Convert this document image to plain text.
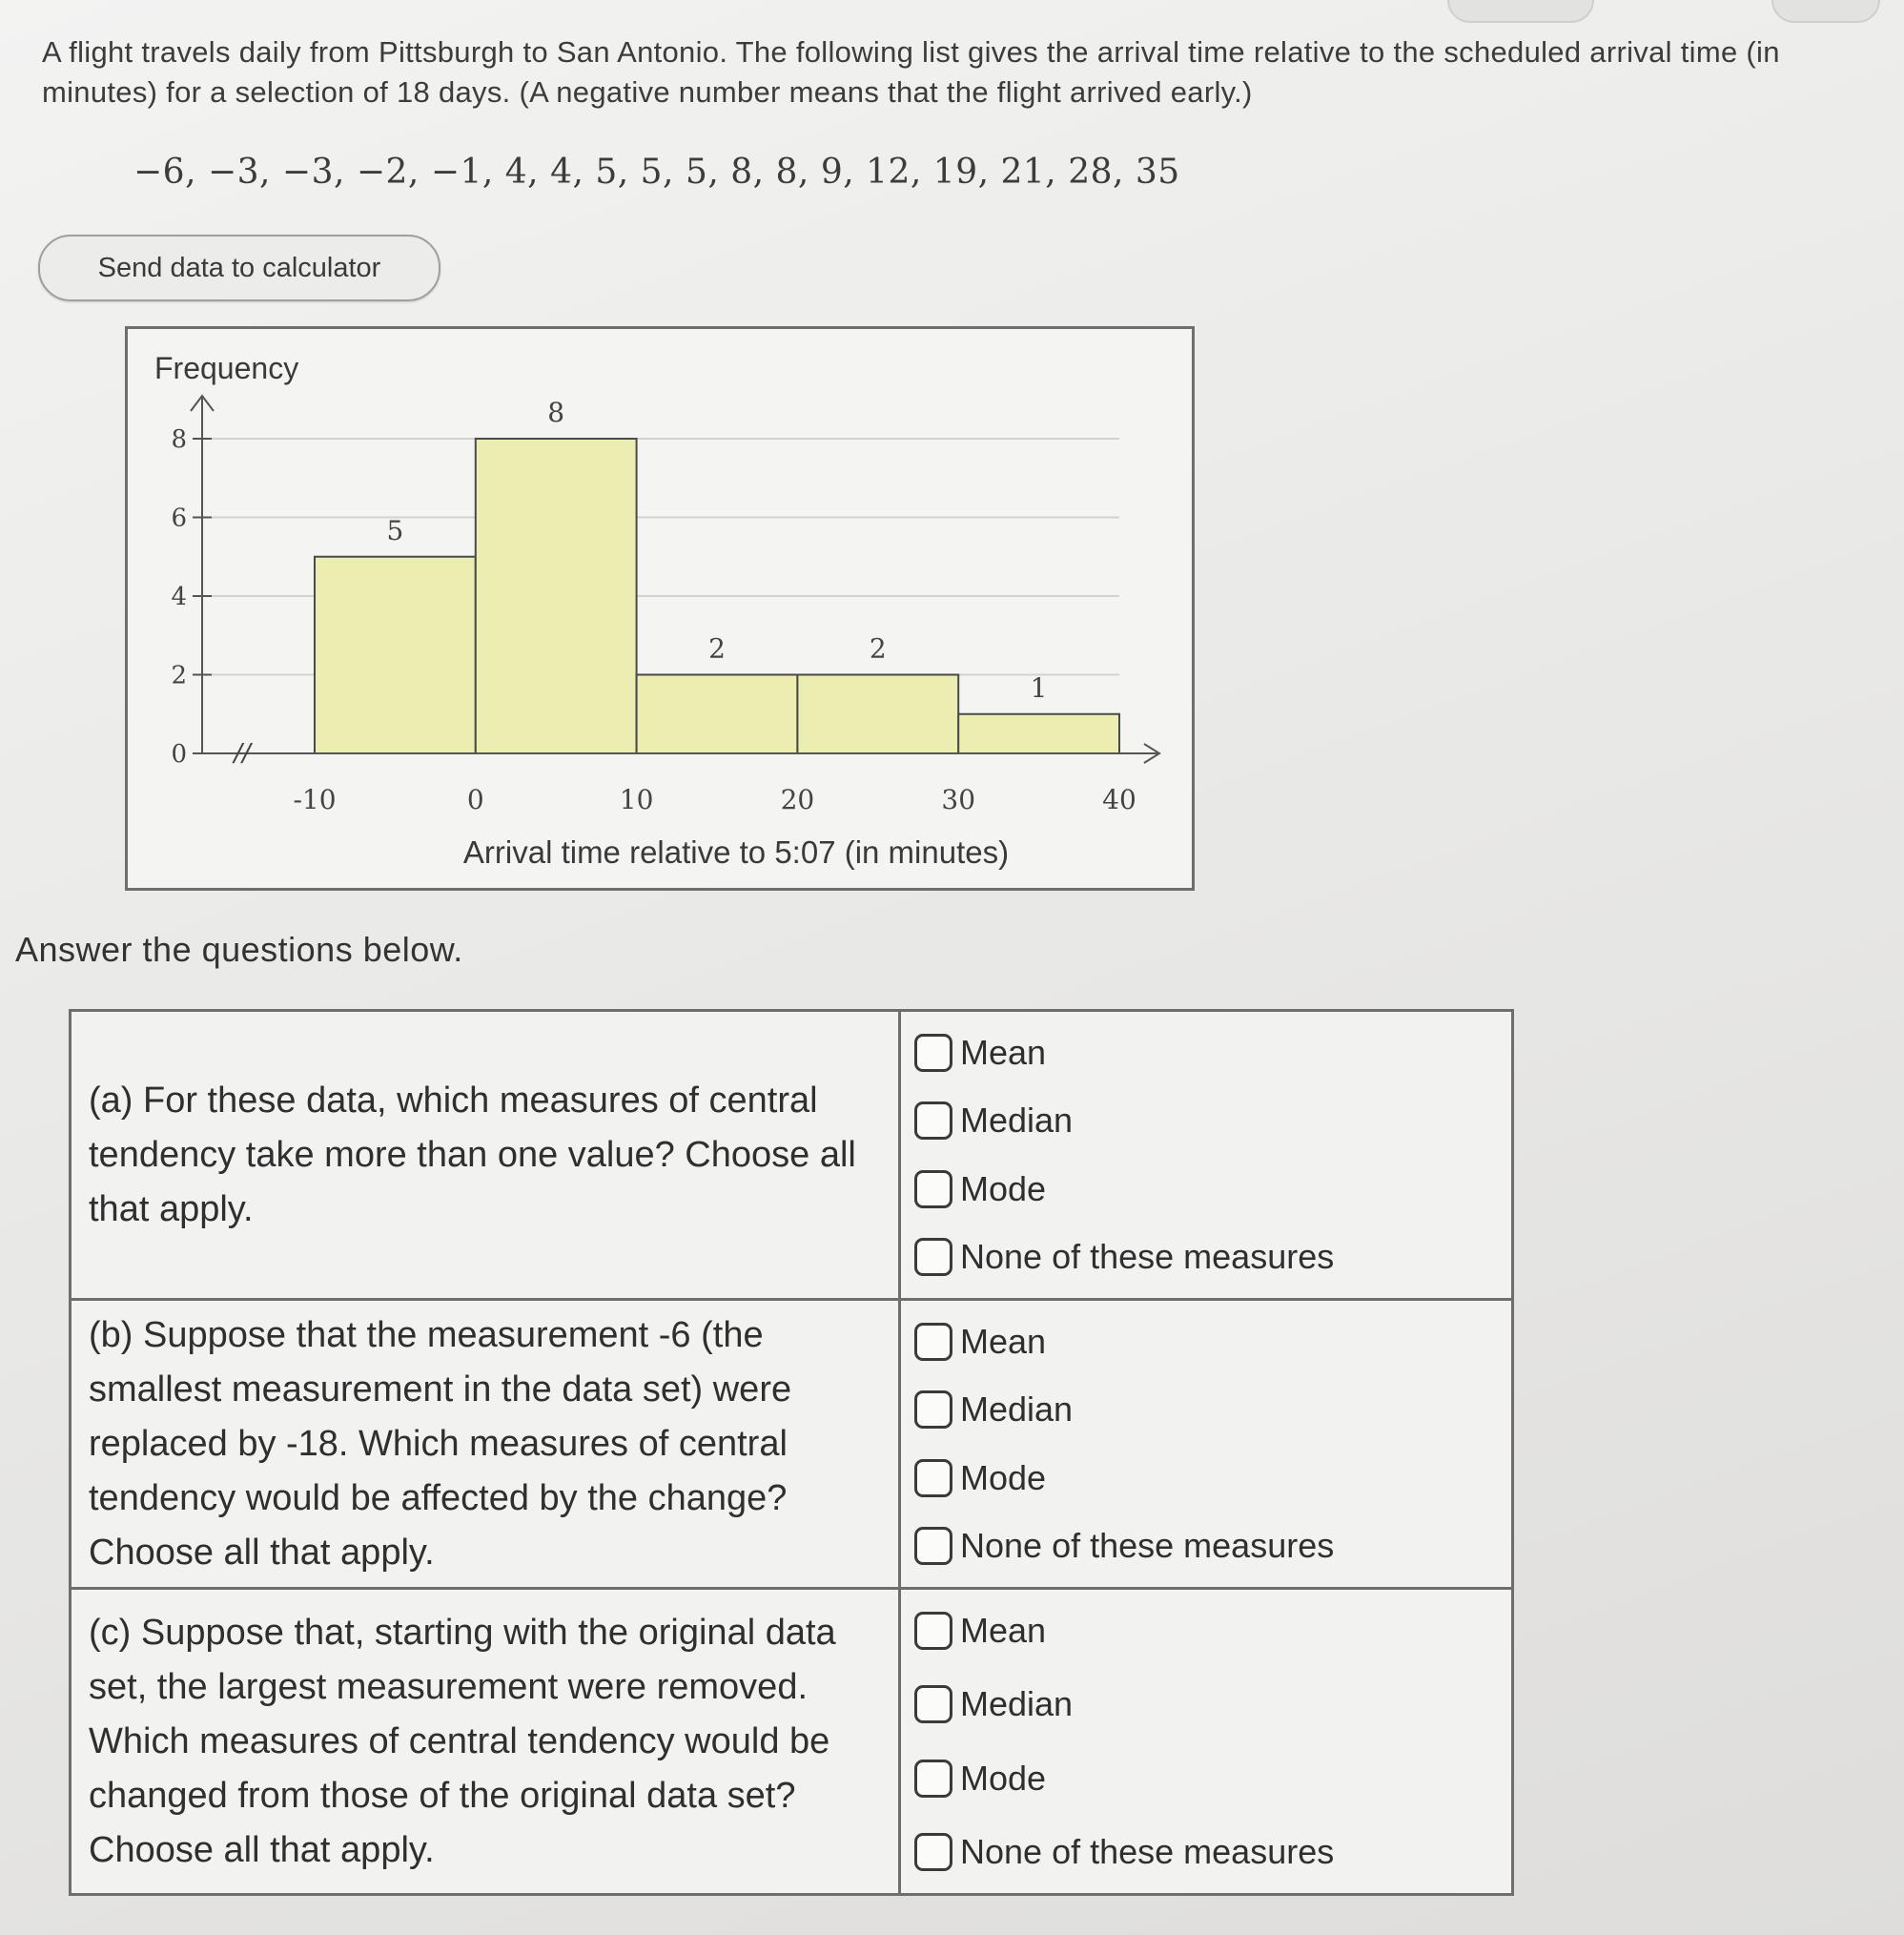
A flight travels daily from Pittsburgh to San Antonio. The following list gives the arrival time relative to the scheduled arrival time (in minutes) for a selection of 18 days. (A negative number means that the flight arrived early.)
−6, −3, −3, −2, −1, 4, 4, 5, 5, 5, 8, 8, 9, 12, 19, 21, 28, 35
Send data to calculator
//
5
8
2	2
1
0
2
4
6
8
-10	0	10	20	30	40
Frequency
Arrival time relative to 5:07 (in minutes)
Answer the questions below.
(a) For these data, which measures of central tendency take more than one value? Choose all that apply.
Mean
Median
Mode
None of these measures
(b) Suppose that the measurement -6 (the smallest measurement in the data set) were replaced by -18. Which measures of central tendency would be affected by the change? Choose all that apply.
Mean
Median
Mode
None of these measures
(c) Suppose that, starting with the original data set, the largest measurement were removed. Which measures of central tendency would be changed from those of the original data set? Choose all that apply.
Mean
Median
Mode
None of these measures
